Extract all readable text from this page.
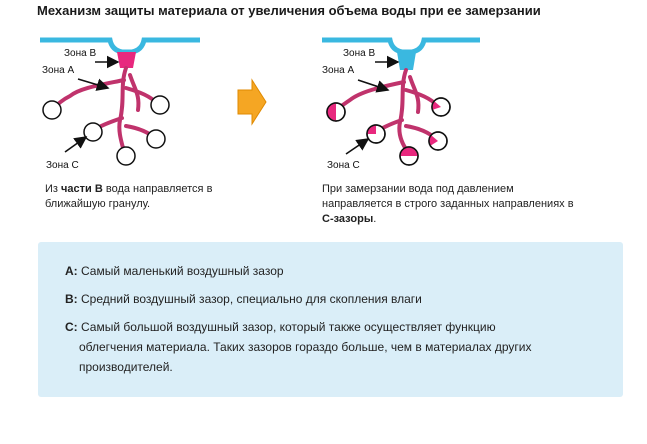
Механизм защиты материала от увеличения объема воды при ее замерзании
Зона B
Зона A
Зона C
Зона B
Зона A
Зона C
Из части B вода направляется в ближайшую гранулу.
При замерзании вода под давлением направляется в строго заданных направлениях в C-зазоры.
A: Самый маленький воздушный зазор
B: Средний воздушный зазор, специально для скопления влаги
C: Самый большой воздушный зазор, который также осуществляет функцию
облегчения материала. Таких зазоров гораздо больше, чем в материалах других
производителей.
